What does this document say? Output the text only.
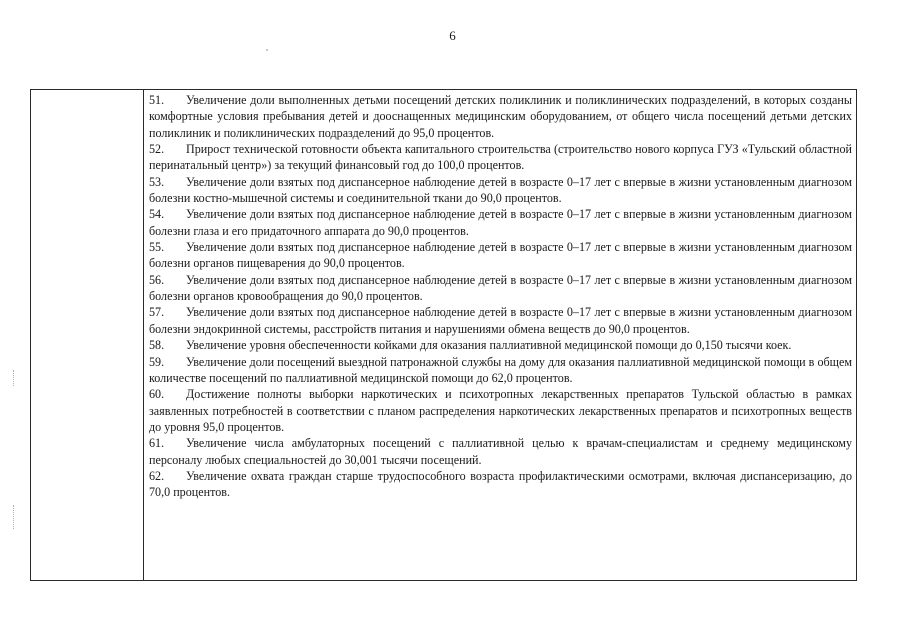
6

51. Увеличение доли выполненных детьми посещений детских поликлиник и поликлинических подразделений, в которых созданы комфортные условия пребывания детей и дооснащенных медицинским оборудованием, от общего числа посещений детьми детских поликлиник и поликлинических подразделений до 95,0 процентов.

52. Прирост технической готовности объекта капитального строительства (строительство нового корпуса ГУЗ «Тульский областной перинатальный центр») за текущий финансовый год до 100,0 процентов.

53. Увеличение доли взятых под диспансерное наблюдение детей в возрасте 0–17 лет с впервые в жизни установленным диагнозом болезни костно-мышечной системы и соединительной ткани до 90,0 процентов.

54. Увеличение доли взятых под диспансерное наблюдение детей в возрасте 0–17 лет с впервые в жизни установленным диагнозом болезни глаза и его придаточного аппарата до 90,0 процентов.

55. Увеличение доли взятых под диспансерное наблюдение детей в возрасте 0–17 лет с впервые в жизни установленным диагнозом болезни органов пищеварения до 90,0 процентов.

56. Увеличение доли взятых под диспансерное наблюдение детей в возрасте 0–17 лет с впервые в жизни установленным диагнозом болезни органов кровообращения до 90,0 процентов.

57. Увеличение доли взятых под диспансерное наблюдение детей в возрасте 0–17 лет с впервые в жизни установленным диагнозом болезни эндокринной системы, расстройств питания и нарушениями обмена веществ до 90,0 процентов.

58. Увеличение уровня обеспеченности койками для оказания паллиативной медицинской помощи до 0,150 тысячи коек.

59. Увеличение доли посещений выездной патронажной службы на дому для оказания паллиативной медицинской помощи в общем количестве посещений по паллиативной медицинской помощи до 62,0 процентов.

60. Достижение полноты выборки наркотических и психотропных лекарственных препаратов Тульской областью в рамках заявленных потребностей в соответствии с планом распределения наркотических лекарственных препаратов и психотропных веществ до уровня 95,0 процентов.

61. Увеличение числа амбулаторных посещений с паллиативной целью к врачам-специалистам и среднему медицинскому персоналу любых специальностей до 30,001 тысячи посещений.

62. Увеличение охвата граждан старше трудоспособного возраста профилактическими осмотрами, включая диспансеризацию, до 70,0 процентов.
